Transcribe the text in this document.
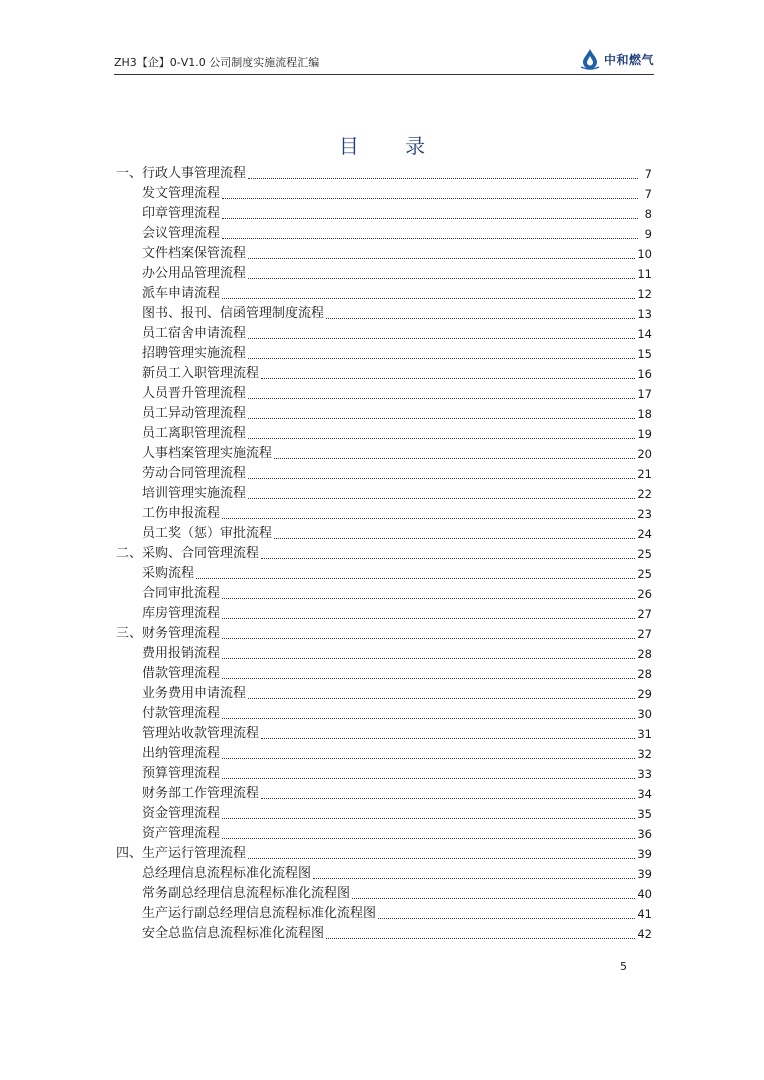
ZH3【企】0-V1.0 公司制度实施流程汇编	中和燃气
目 录
一、行政人事管理流程	7
发文管理流程	7
印章管理流程	8
会议管理流程	9
文件档案保管流程	10
办公用品管理流程	11
派车申请流程	12
图书、报刊、信函管理制度流程	13
员工宿舍申请流程	14
招聘管理实施流程	15
新员工入职管理流程	16
人员晋升管理流程	17
员工异动管理流程	18
员工离职管理流程	19
人事档案管理实施流程	20
劳动合同管理流程	21
培训管理实施流程	22
工伤申报流程	23
员工奖（惩）审批流程	24
二、采购、合同管理流程	25
采购流程	25
合同审批流程	26
库房管理流程	27
三、财务管理流程	27
费用报销流程	28
借款管理流程	28
业务费用申请流程	29
付款管理流程	30
管理站收款管理流程	31
出纳管理流程	32
预算管理流程	33
财务部工作管理流程	34
资金管理流程	35
资产管理流程	36
四、生产运行管理流程	39
总经理信息流程标准化流程图	39
常务副总经理信息流程标准化流程图	40
生产运行副总经理信息流程标准化流程图	41
安全总监信息流程标准化流程图	42
5
